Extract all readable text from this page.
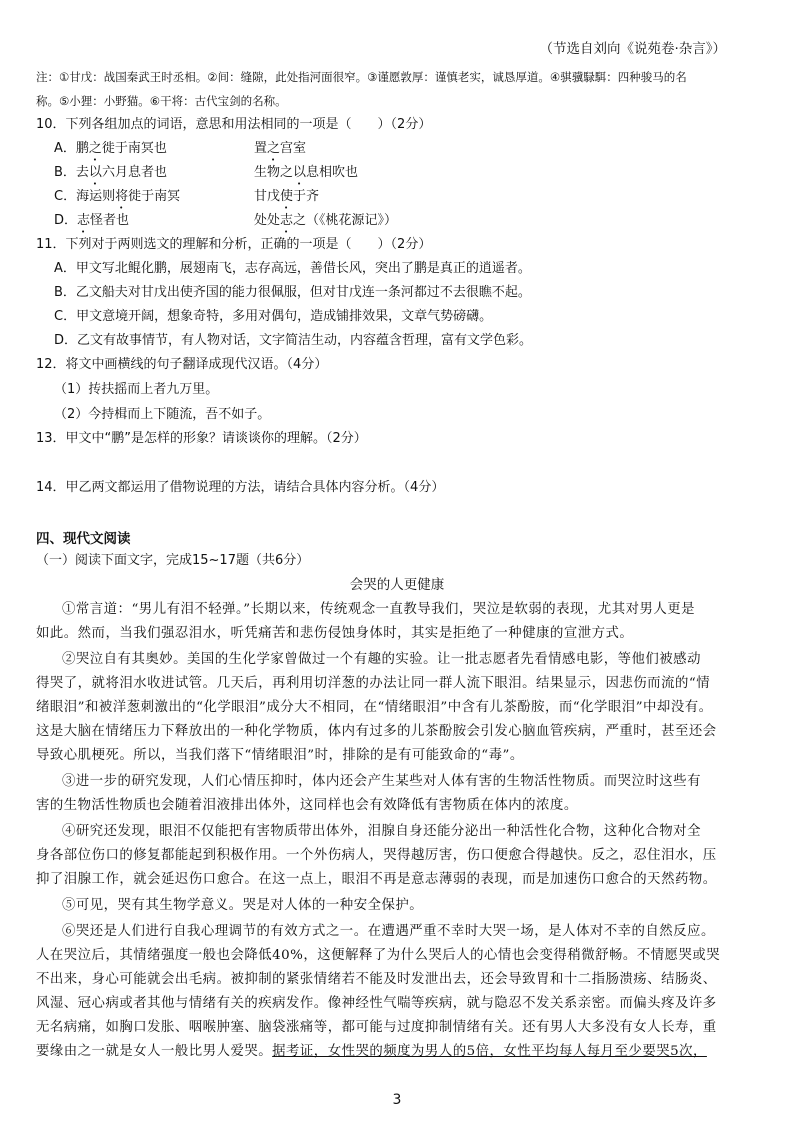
（节选自刘向《说苑卷·杂言》）
注：①甘戊：战国秦武王时丞相。②间：缝隙，此处指河面很窄。③谨愿敦厚：谨慎老实，诚恳厚道。④骐骥騄駬：四种骏马的名
称。⑤小狸：小野猫。⑥干将：古代宝剑的名称。
10．下列各组加点的词语，意思和用法相同的一项是（　　）（2分）
A．鹏之徙于南冥也	置之宫室
B．去以六月息者也	生物之以息相吹也
C．海运则将徙于南冥	甘戊使于齐
D．志怪者也	处处志之（《桃花源记》）
11．下列对于两则选文的理解和分析，正确的一项是（　　）（2分）
A．甲文写北鲲化鹏，展翅南飞，志存高远，善借长风，突出了鹏是真正的逍遥者。
B．乙文船夫对甘戊出使齐国的能力很佩服，但对甘戊连一条河都过不去很瞧不起。
C．甲文意境开阔，想象奇特，多用对偶句，造成铺排效果，文章气势磅礴。
D．乙文有故事情节，有人物对话，文字简洁生动，内容蕴含哲理，富有文学色彩。
12．将文中画横线的句子翻译成现代汉语。（4分）
（1）抟扶摇而上者九万里。
（2）今持楫而上下随流，吾不如子。
13．甲文中“鹏”是怎样的形象？请谈谈你的理解。（2分）
14．甲乙两文都运用了借物说理的方法，请结合具体内容分析。（4分）
四、现代文阅读
（一）阅读下面文字，完成15~17题（共6分）
会哭的人更健康
①常言道：“男儿有泪不轻弹。”长期以来，传统观念一直教导我们，哭泣是软弱的表现，尤其对男人更是
如此。然而，当我们强忍泪水，听凭痛苦和悲伤侵蚀身体时，其实是拒绝了一种健康的宣泄方式。
②哭泣自有其奥妙。美国的生化学家曾做过一个有趣的实验。让一批志愿者先看情感电影，等他们被感动
得哭了，就将泪水收进试管。几天后，再利用切洋葱的办法让同一群人流下眼泪。结果显示，因悲伤而流的“情
绪眼泪”和被洋葱刺激出的“化学眼泪”成分大不相同，在“情绪眼泪”中含有儿茶酚胺，而“化学眼泪”中却没有。
这是大脑在情绪压力下释放出的一种化学物质，体内有过多的儿茶酚胺会引发心脑血管疾病，严重时，甚至还会
导致心肌梗死。所以，当我们落下“情绪眼泪”时，排除的是有可能致命的“毒”。
③进一步的研究发现，人们心情压抑时，体内还会产生某些对人体有害的生物活性物质。而哭泣时这些有
害的生物活性物质也会随着泪液排出体外，这同样也会有效降低有害物质在体内的浓度。
④研究还发现，眼泪不仅能把有害物质带出体外，泪腺自身还能分泌出一种活性化合物，这种化合物对全
身各部位伤口的修复都能起到积极作用。一个外伤病人，哭得越厉害，伤口便愈合得越快。反之，忍住泪水，压
抑了泪腺工作，就会延迟伤口愈合。在这一点上，眼泪不再是意志薄弱的表现，而是加速伤口愈合的天然药物。
⑤可见，哭有其生物学意义。哭是对人体的一种安全保护。
⑥哭还是人们进行自我心理调节的有效方式之一。在遭遇严重不幸时大哭一场，是人体对不幸的自然反应。
人在哭泣后，其情绪强度一般也会降低40%，这便解释了为什么哭后人的心情也会变得稍微舒畅。不情愿哭或哭
不出来，身心可能就会出毛病。被抑制的紧张情绪若不能及时发泄出去，还会导致胃和十二指肠溃疡、结肠炎、
风湿、冠心病或者其他与情绪有关的疾病发作。像神经性气喘等疾病，就与隐忍不发关系亲密。而偏头疼及许多
无名病痛，如胸口发胀、咽喉肿塞、脑袋涨痛等，都可能与过度抑制情绪有关。还有男人大多没有女人长寿，重
要缘由之一就是女人一般比男人爱哭。据考证，女性哭的频度为男人的5倍，女性平均每人每月至少要哭5次，
3
